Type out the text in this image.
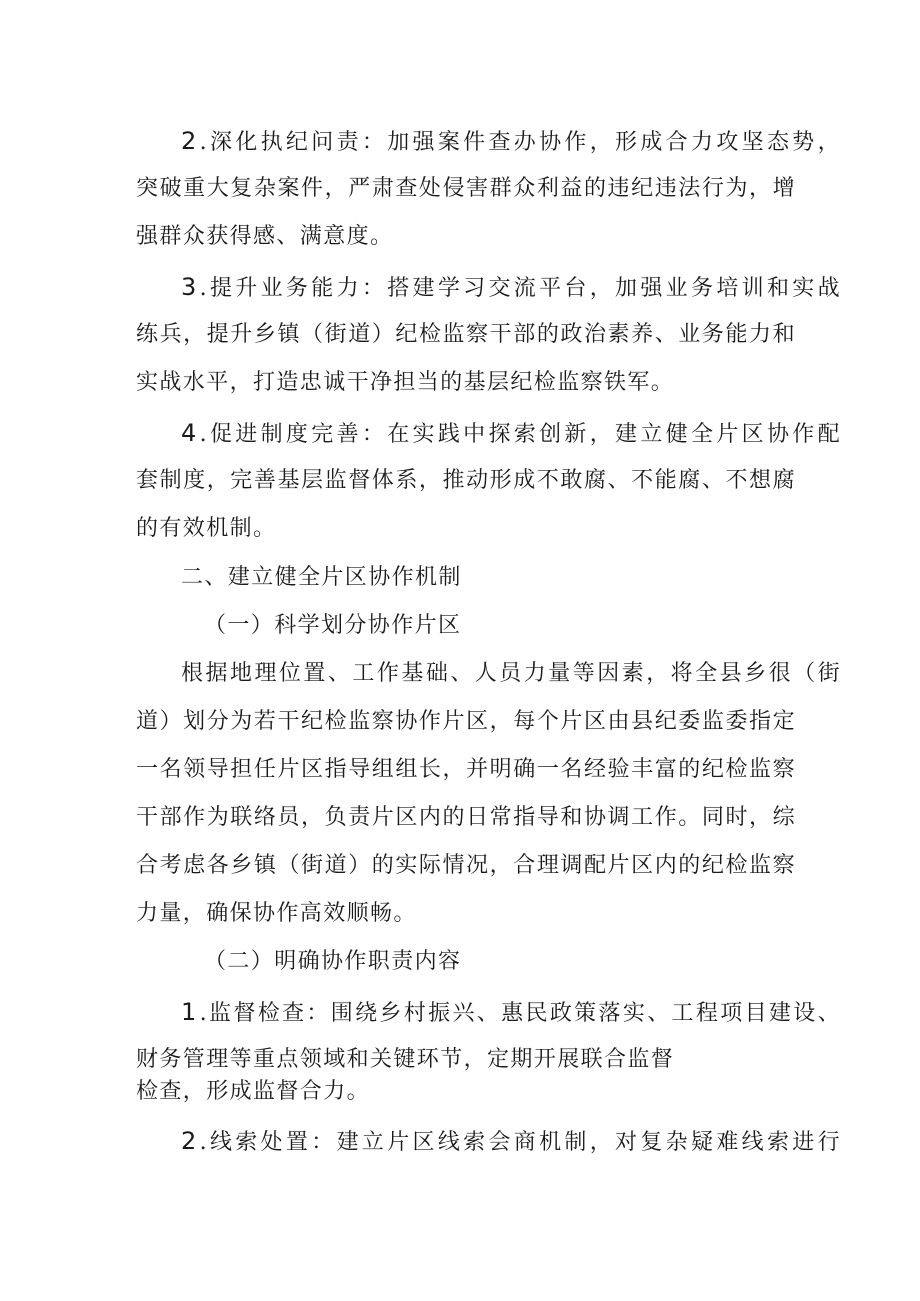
2.深化执纪问责：加强案件查办协作，形成合力攻坚态势，
突破重大复杂案件，严肃查处侵害群众利益的违纪违法行为，增
强群众获得感、满意度。
3.提升业务能力：搭建学习交流平台，加强业务培训和实战
练兵，提升乡镇（街道）纪检监察干部的政治素养、业务能力和
实战水平，打造忠诚干净担当的基层纪检监察铁军。
4.促进制度完善：在实践中探索创新，建立健全片区协作配
套制度，完善基层监督体系，推动形成不敢腐、不能腐、不想腐
的有效机制。
二、建立健全片区协作机制
（一）科学划分协作片区
根据地理位置、工作基础、人员力量等因素，将全县乡很（街
道）划分为若干纪检监察协作片区，每个片区由县纪委监委指定
一名领导担任片区指导组组长，并明确一名经验丰富的纪检监察
干部作为联络员，负责片区内的日常指导和协调工作。同时，综
合考虑各乡镇（街道）的实际情况，合理调配片区内的纪检监察
力量，确保协作高效顺畅。
（二）明确协作职责内容
1.监督检查：围绕乡村振兴、惠民政策落实、工程项目建设、
财务管理等重点领域和关键环节，定期开展联合监督
检查，形成监督合力。
2.线索处置：建立片区线索会商机制，对复杂疑难线索进行
